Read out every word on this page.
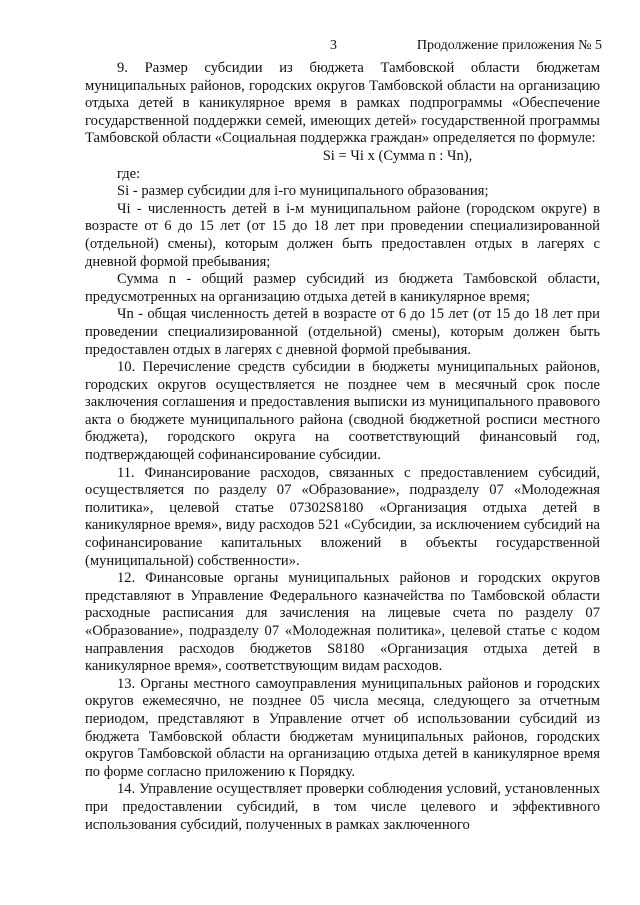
3	Продолжение приложения № 5

9. Размер субсидии из бюджета Тамбовской области бюджетам муниципальных районов, городских округов Тамбовской области на организацию отдыха детей в каникулярное время в рамках подпрограммы «Обеспечение государственной поддержки семей, имеющих детей» государственной программы Тамбовской области «Социальная поддержка граждан» определяется по формуле:

Si = Чi x (Сумма n : Чn),

где:

Si - размер субсидии для i-го муниципального образования;

Чi - численность детей в i-м муниципальном районе (городском округе) в возрасте от 6 до 15 лет (от 15 до 18 лет при проведении специализированной (отдельной) смены), которым должен быть предоставлен отдых в лагерях с дневной формой пребывания;

Сумма n - общий размер субсидий из бюджета Тамбовской области, предусмотренных на организацию отдыха детей в каникулярное время;

Чn - общая численность детей в возрасте от 6 до 15 лет (от 15 до 18 лет при проведении специализированной (отдельной) смены), которым должен быть предоставлен отдых в лагерях с дневной формой пребывания.

10. Перечисление средств субсидии в бюджеты муниципальных районов, городских округов осуществляется не позднее чем в месячный срок после заключения соглашения и предоставления выписки из муниципального правового акта о бюджете муниципального района (сводной бюджетной росписи местного бюджета), городского округа на соответствующий финансовый год, подтверждающей софинансирование субсидии.

11. Финансирование расходов, связанных с предоставлением субсидий, осуществляется по разделу 07 «Образование», подразделу 07 «Молодежная политика», целевой статье 07302S8180 «Организация отдыха детей в каникулярное время», виду расходов 521 «Субсидии, за исключением субсидий на софинансирование капитальных вложений в объекты государственной (муниципальной) собственности».

12. Финансовые органы муниципальных районов и городских округов представляют в Управление Федерального казначейства по Тамбовской области расходные расписания для зачисления на лицевые счета по разделу 07 «Образование», подразделу 07 «Молодежная политика», целевой статье с кодом направления расходов бюджетов S8180 «Организация отдыха детей в каникулярное время», соответствующим видам расходов.

13. Органы местного самоуправления муниципальных районов и городских округов ежемесячно, не позднее 05 числа месяца, следующего за отчетным периодом, представляют в Управление отчет об использовании субсидий из бюджета Тамбовской области бюджетам муниципальных районов, городских округов Тамбовской области на организацию отдыха детей в каникулярное время по форме согласно приложению к Порядку.

14. Управление осуществляет проверки соблюдения условий, установленных при предоставлении субсидий, в том числе целевого и эффективного использования субсидий, полученных в рамках заключенного
